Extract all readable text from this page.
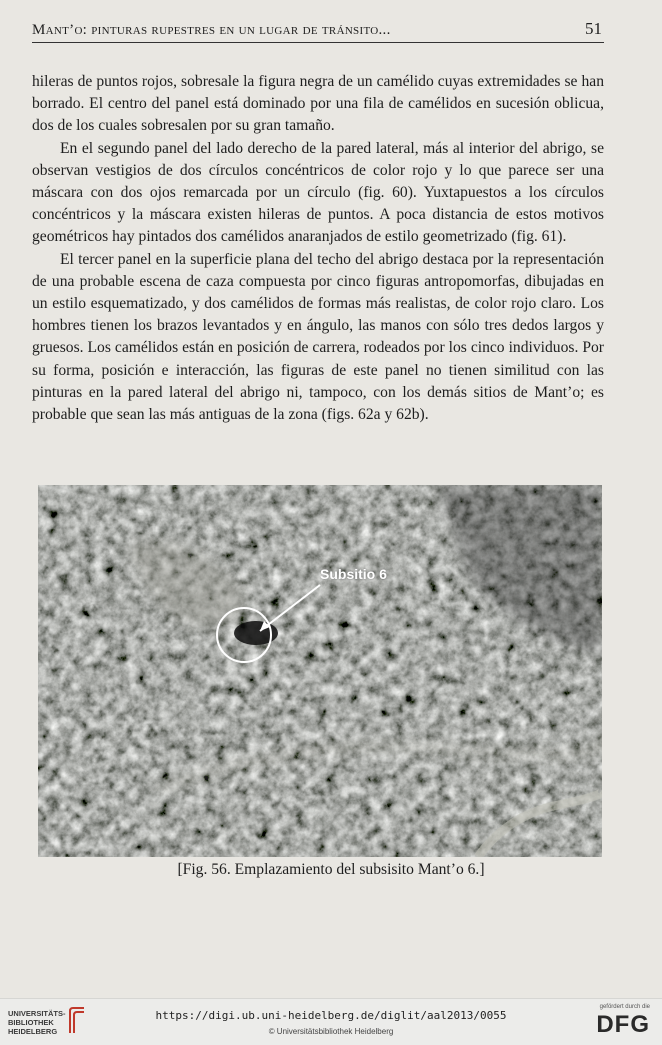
Mant’o: pinturas rupestres en un lugar de tránsito...	51

hileras de puntos rojos, sobresale la figura negra de un camélido cuyas extremidades se han borrado. El centro del panel está dominado por una fila de camélidos en sucesión oblicua, dos de los cuales sobresalen por su gran tamaño.

En el segundo panel del lado derecho de la pared lateral, más al interior del abrigo, se observan vestigios de dos círculos concéntricos de color rojo y lo que parece ser una máscara con dos ojos remarcada por un círculo (fig. 60). Yuxtapuestos a los círculos concéntricos y la máscara existen hileras de puntos. A poca distancia de estos motivos geométricos hay pintados dos camélidos anaranjados de estilo geometrizado (fig. 61).

El tercer panel en la superficie plana del techo del abrigo destaca por la representación de una probable escena de caza compuesta por cinco figuras antropomorfas, dibujadas en un estilo esquematizado, y dos camélidos de formas más realistas, de color rojo claro. Los hombres tienen los brazos levantados y en ángulo, las manos con sólo tres dedos largos y gruesos. Los camélidos están en posición de carrera, rodeados por los cinco individuos. Por su forma, posición e interacción, las figuras de este panel no tienen similitud con las pinturas en la pared lateral del abrigo ni, tampoco, con los demás sitios de Mant’o; es probable que sean las más antiguas de la zona (figs. 62a y 62b).

Subsitio 6
[Fig. 56. Emplazamiento del subsisito Mant’o 6.]
UNIVERSITÄTS-
BIBLIOTHEK
HEIDELBERG
https://digi.ub.uni-heidelberg.de/diglit/aal2013/0055
© Universitätsbibliothek Heidelberg
gefördert durch die
DFG
